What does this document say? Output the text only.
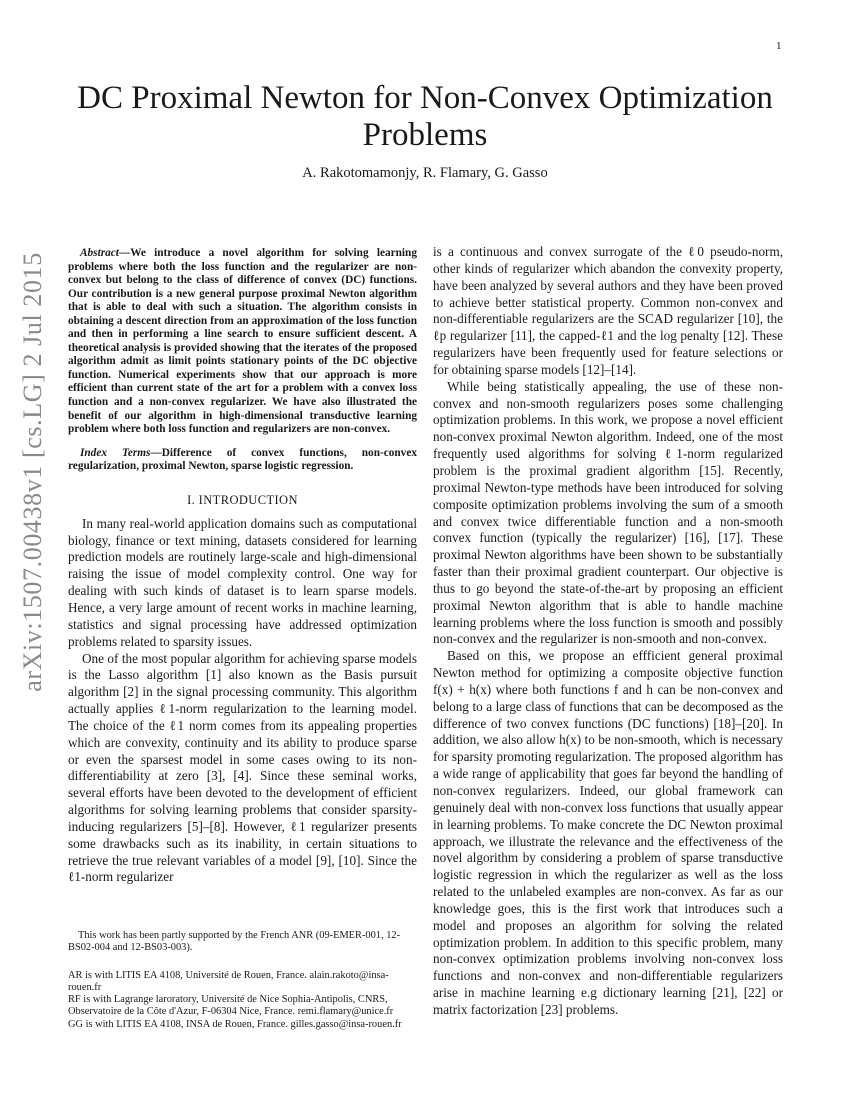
1
arXiv:1507.00438v1 [cs.LG] 2 Jul 2015
DC Proximal Newton for Non-Convex Optimization Problems
A. Rakotomamonjy, R. Flamary, G. Gasso

Abstract—We introduce a novel algorithm for solving learning problems where both the loss function and the regularizer are non-convex but belong to the class of difference of convex (DC) functions. Our contribution is a new general purpose proximal Newton algorithm that is able to deal with such a situation. The algorithm consists in obtaining a descent direction from an approximation of the loss function and then in performing a line search to ensure sufficient descent. A theoretical analysis is provided showing that the iterates of the proposed algorithm admit as limit points stationary points of the DC objective function. Numerical experiments show that our approach is more efficient than current state of the art for a problem with a convex loss function and a non-convex regularizer. We have also illustrated the benefit of our algorithm in high-dimensional transductive learning problem where both loss function and regularizers are non-convex.

Index Terms—Difference of convex functions, non-convex regularization, proximal Newton, sparse logistic regression.

I. INTRODUCTION

In many real-world application domains such as computational biology, finance or text mining, datasets considered for learning prediction models are routinely large-scale and high-dimensional raising the issue of model complexity control. One way for dealing with such kinds of dataset is to learn sparse models. Hence, a very large amount of recent works in machine learning, statistics and signal processing have addressed optimization problems related to sparsity issues.

One of the most popular algorithm for achieving sparse models is the Lasso algorithm [1] also known as the Basis pursuit algorithm [2] in the signal processing community. This algorithm actually applies ℓ1-norm regularization to the learning model. The choice of the ℓ1 norm comes from its appealing properties which are convexity, continuity and its ability to produce sparse or even the sparsest model in some cases owing to its non-differentiability at zero [3], [4]. Since these seminal works, several efforts have been devoted to the development of efficient algorithms for solving learning problems that consider sparsity-inducing regularizers [5]–[8]. However, ℓ1 regularizer presents some drawbacks such as its inability, in certain situations to retrieve the true relevant variables of a model [9], [10]. Since the ℓ1-norm regularizer

This work has been partly supported by the French ANR (09-EMER-001, 12-BS02-004 and 12-BS03-003).

AR is with LITIS EA 4108, Université de Rouen, France. alain.rakoto@insa-rouen.fr

RF is with Lagrange laroratory, Université de Nice Sophia-Antipolis, CNRS, Observatoire de la Côte d'Azur, F-06304 Nice, France. remi.flamary@unice.fr

GG is with LITIS EA 4108, INSA de Rouen, France. gilles.gasso@insa-rouen.fr

is a continuous and convex surrogate of the ℓ0 pseudo-norm, other kinds of regularizer which abandon the convexity property, have been analyzed by several authors and they have been proved to achieve better statistical property. Common non-convex and non-differentiable regularizers are the SCAD regularizer [10], the ℓp regularizer [11], the capped-ℓ1 and the log penalty [12]. These regularizers have been frequently used for feature selections or for obtaining sparse models [12]–[14].

While being statistically appealing, the use of these non-convex and non-smooth regularizers poses some challenging optimization problems. In this work, we propose a novel efficient non-convex proximal Newton algorithm. Indeed, one of the most frequently used algorithms for solving ℓ1-norm regularized problem is the proximal gradient algorithm [15]. Recently, proximal Newton-type methods have been introduced for solving composite optimization problems involving the sum of a smooth and convex twice differentiable function and a non-smooth convex function (typically the regularizer) [16], [17]. These proximal Newton algorithms have been shown to be substantially faster than their proximal gradient counterpart. Our objective is thus to go beyond the state-of-the-art by proposing an efficient proximal Newton algorithm that is able to handle machine learning problems where the loss function is smooth and possibly non-convex and the regularizer is non-smooth and non-convex.

Based on this, we propose an effficient general proximal Newton method for optimizing a composite objective function f(x) + h(x) where both functions f and h can be non-convex and belong to a large class of functions that can be decomposed as the difference of two convex functions (DC functions) [18]–[20]. In addition, we also allow h(x) to be non-smooth, which is necessary for sparsity promoting regularization. The proposed algorithm has a wide range of applicability that goes far beyond the handling of non-convex regularizers. Indeed, our global framework can genuinely deal with non-convex loss functions that usually appear in learning problems. To make concrete the DC Newton proximal approach, we illustrate the relevance and the effectiveness of the novel algorithm by considering a problem of sparse transductive logistic regression in which the regularizer as well as the loss related to the unlabeled examples are non-convex. As far as our knowledge goes, this is the first work that introduces such a model and proposes an algorithm for solving the related optimization problem. In addition to this specific problem, many non-convex optimization problems involving non-convex loss functions and non-convex and non-differentiable regularizers arise in machine learning e.g dictionary learning [21], [22] or matrix factorization [23] problems.
